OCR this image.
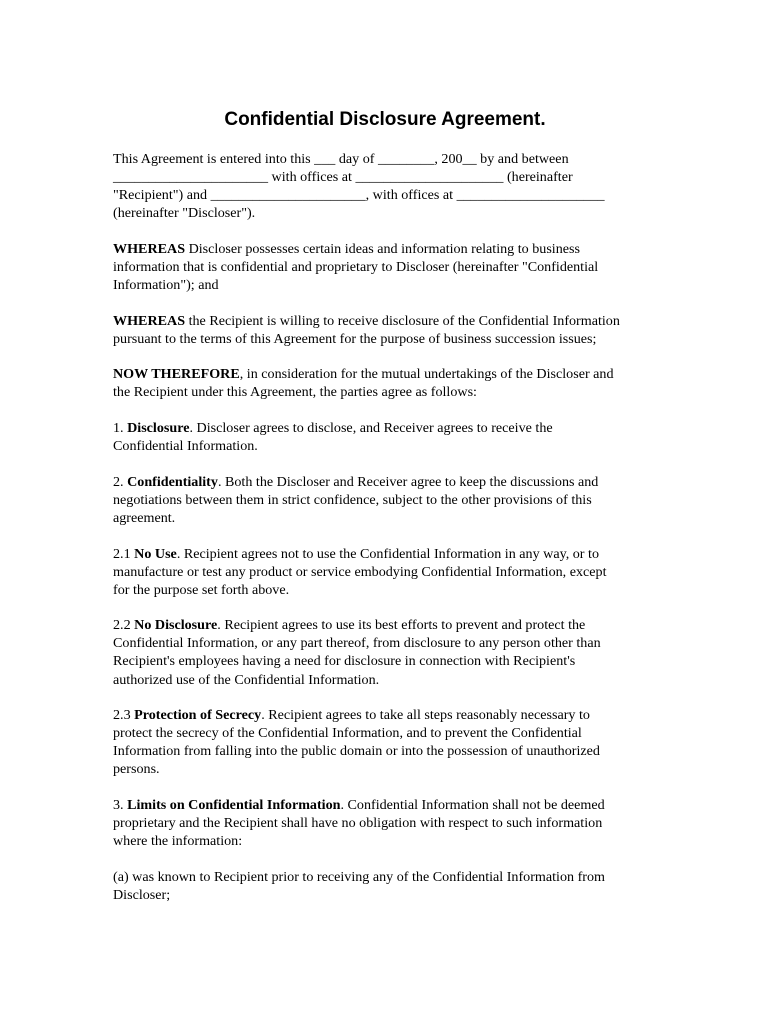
Confidential Disclosure Agreement.

This Agreement is entered into this ___ day of ________, 200__ by and between
______________________ with offices at _____________________ (hereinafter
"Recipient") and ______________________, with offices at _____________________
(hereinafter "Discloser").

WHEREAS Discloser possesses certain ideas and information relating to business
information that is confidential and proprietary to Discloser (hereinafter "Confidential
Information"); and

WHEREAS the Recipient is willing to receive disclosure of the Confidential Information
pursuant to the terms of this Agreement for the purpose of business succession issues;

NOW THEREFORE, in consideration for the mutual undertakings of the Discloser and
the Recipient under this Agreement, the parties agree as follows:

1. Disclosure. Discloser agrees to disclose, and Receiver agrees to receive the
Confidential Information.

2. Confidentiality. Both the Discloser and Receiver agree to keep the discussions and
negotiations between them in strict confidence, subject to the other provisions of this
agreement.

2.1 No Use. Recipient agrees not to use the Confidential Information in any way, or to
manufacture or test any product or service embodying Confidential Information, except
for the purpose set forth above.

2.2 No Disclosure. Recipient agrees to use its best efforts to prevent and protect the
Confidential Information, or any part thereof, from disclosure to any person other than
Recipient's employees having a need for disclosure in connection with Recipient's
authorized use of the Confidential Information.

2.3 Protection of Secrecy. Recipient agrees to take all steps reasonably necessary to
protect the secrecy of the Confidential Information, and to prevent the Confidential
Information from falling into the public domain or into the possession of unauthorized
persons.

3. Limits on Confidential Information. Confidential Information shall not be deemed
proprietary and the Recipient shall have no obligation with respect to such information
where the information:

(a) was known to Recipient prior to receiving any of the Confidential Information from
Discloser;
